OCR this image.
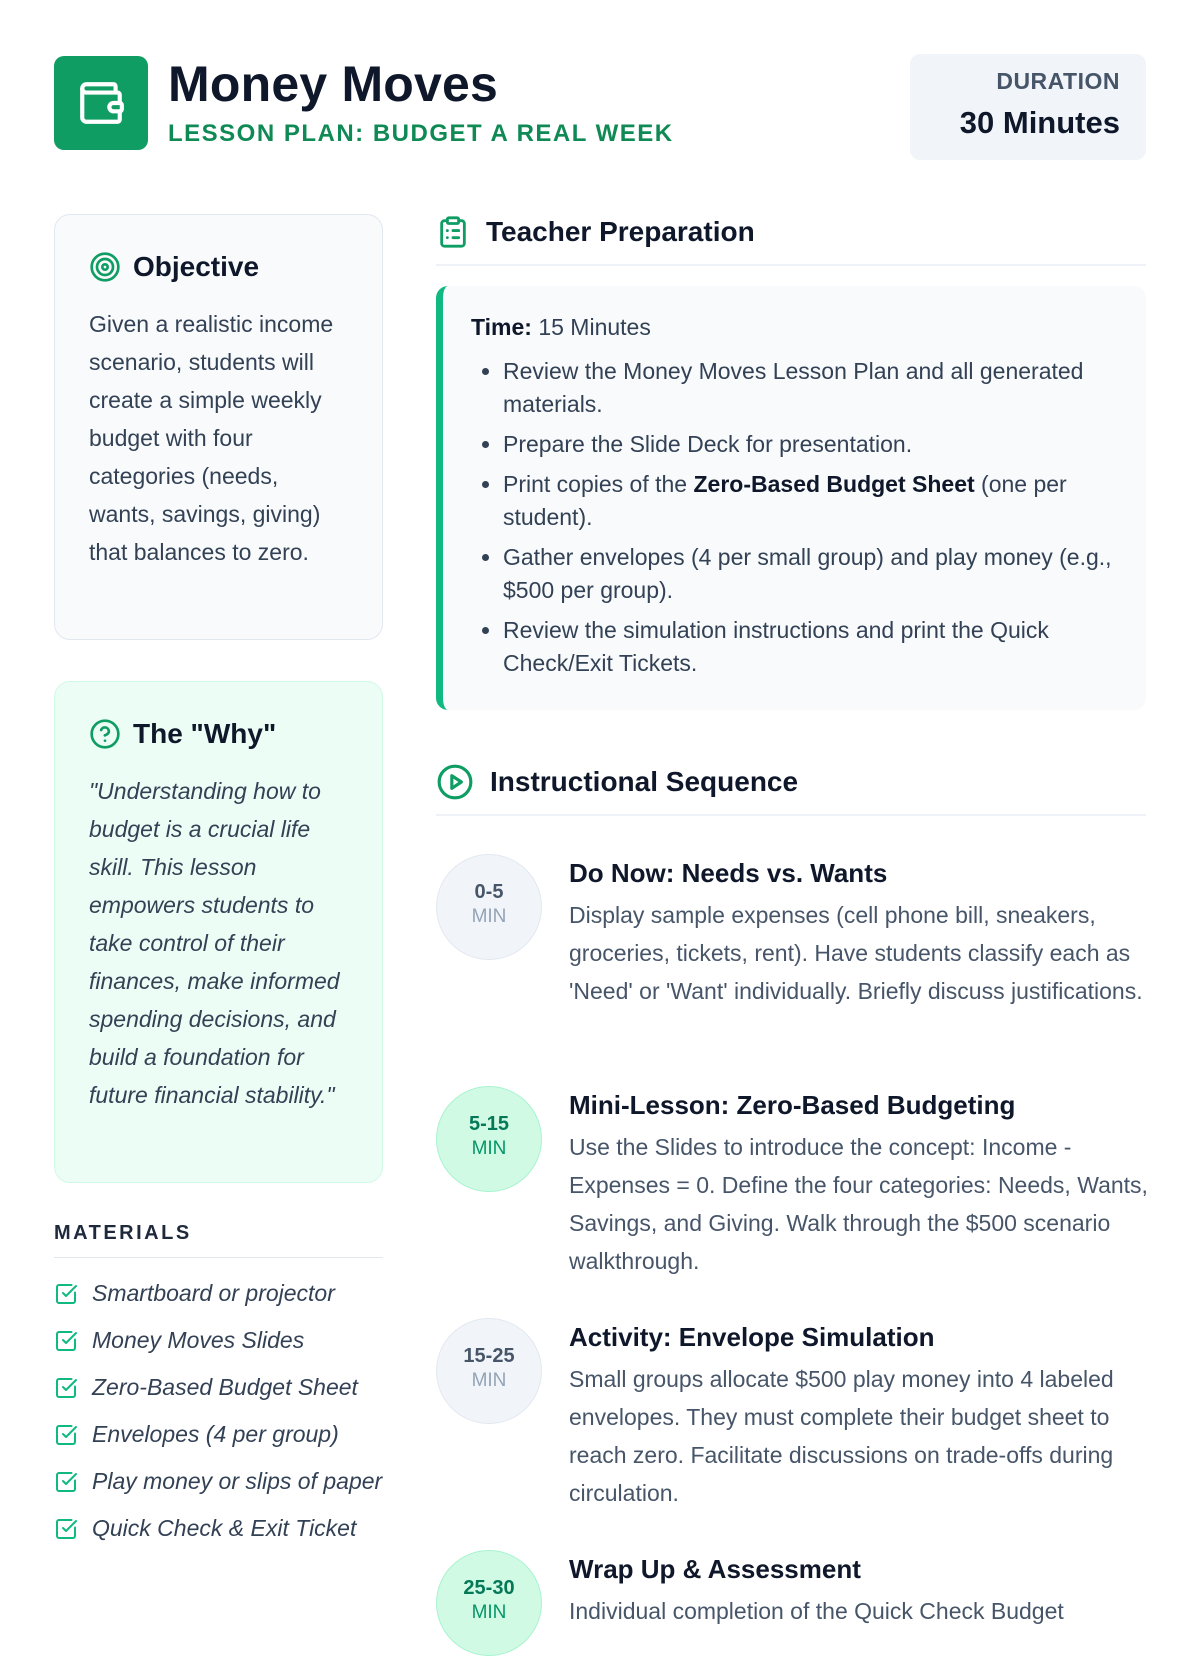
Money Moves
LESSON PLAN: BUDGET A REAL WEEK
DURATION
30 Minutes
Objective
Given a realistic income scenario, students will create a simple weekly budget with four categories (needs, wants, savings, giving) that balances to zero.
The "Why"
"Understanding how to budget is a crucial life skill. This lesson empowers students to take control of their finances, make informed spending decisions, and build a foundation for future financial stability."
MATERIALS
Smartboard or projector
Money Moves Slides
Zero-Based Budget Sheet
Envelopes (4 per group)
Play money or slips of paper
Quick Check & Exit Ticket
Teacher Preparation
Time: 15 Minutes
• Review the Money Moves Lesson Plan and all generated materials.
• Prepare the Slide Deck for presentation.
• Print copies of the Zero-Based Budget Sheet (one per student).
• Gather envelopes (4 per small group) and play money (e.g., $500 per group).
• Review the simulation instructions and print the Quick Check/Exit Tickets.
Instructional Sequence
0-5
MIN
Do Now: Needs vs. Wants
Display sample expenses (cell phone bill, sneakers, groceries, tickets, rent). Have students classify each as 'Need' or 'Want' individually. Briefly discuss justifications.
5-15
MIN
Mini-Lesson: Zero-Based Budgeting
Use the Slides to introduce the concept: Income - Expenses = 0. Define the four categories: Needs, Wants, Savings, and Giving. Walk through the $500 scenario walkthrough.
15-25
MIN
Activity: Envelope Simulation
Small groups allocate $500 play money into 4 labeled envelopes. They must complete their budget sheet to reach zero. Facilitate discussions on trade-offs during circulation.
25-30
MIN
Wrap Up & Assessment
Individual completion of the Quick Check Budget
